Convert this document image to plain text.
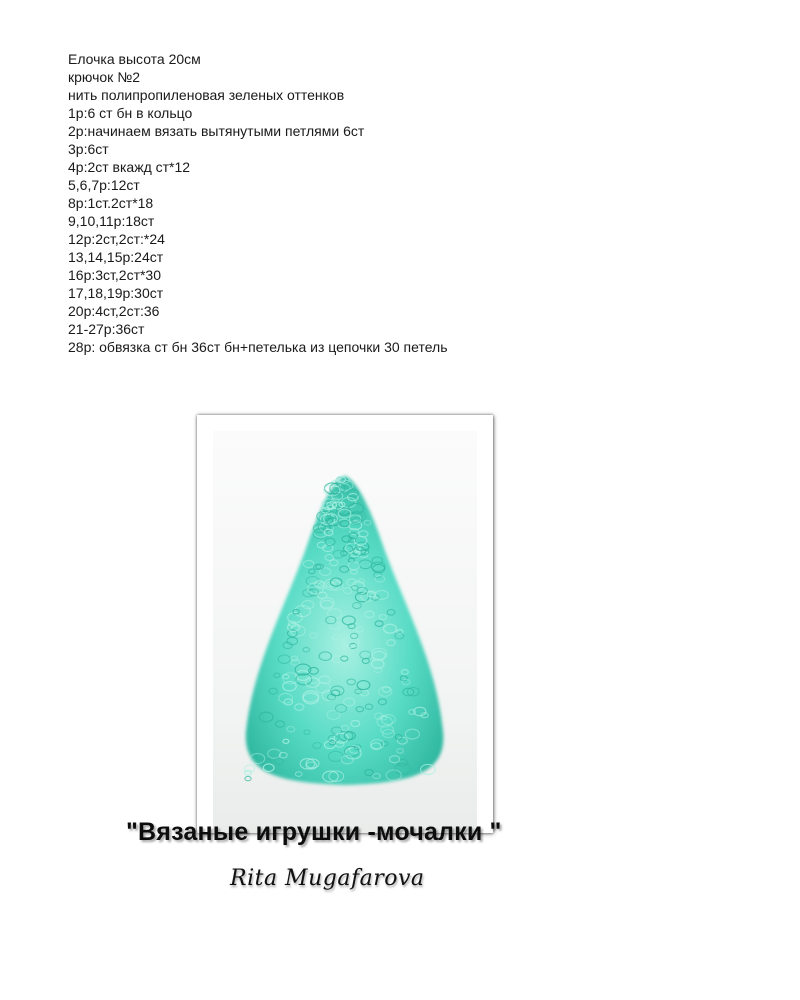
Елочка высота 20см
крючок №2
нить полипропиленовая зеленых оттенков
1р:6 ст бн в кольцо
2р:начинаем вязать вытянутыми петлями 6ст
3р:6ст
4р:2ст вкажд ст*12
5,6,7р:12ст
8р:1ст.2ст*18
9,10,11р:18ст
12р:2ст,2ст:*24
13,14,15р:24ст
16р:3ст,2ст*30
17,18,19р:30ст
20р:4ст,2ст:36
21-27р:36ст
28р: обвязка ст бн 36ст бн+петелька из цепочки 30 петель
"Вязаные игрушки -мочалки "
Rita Mugafarova
